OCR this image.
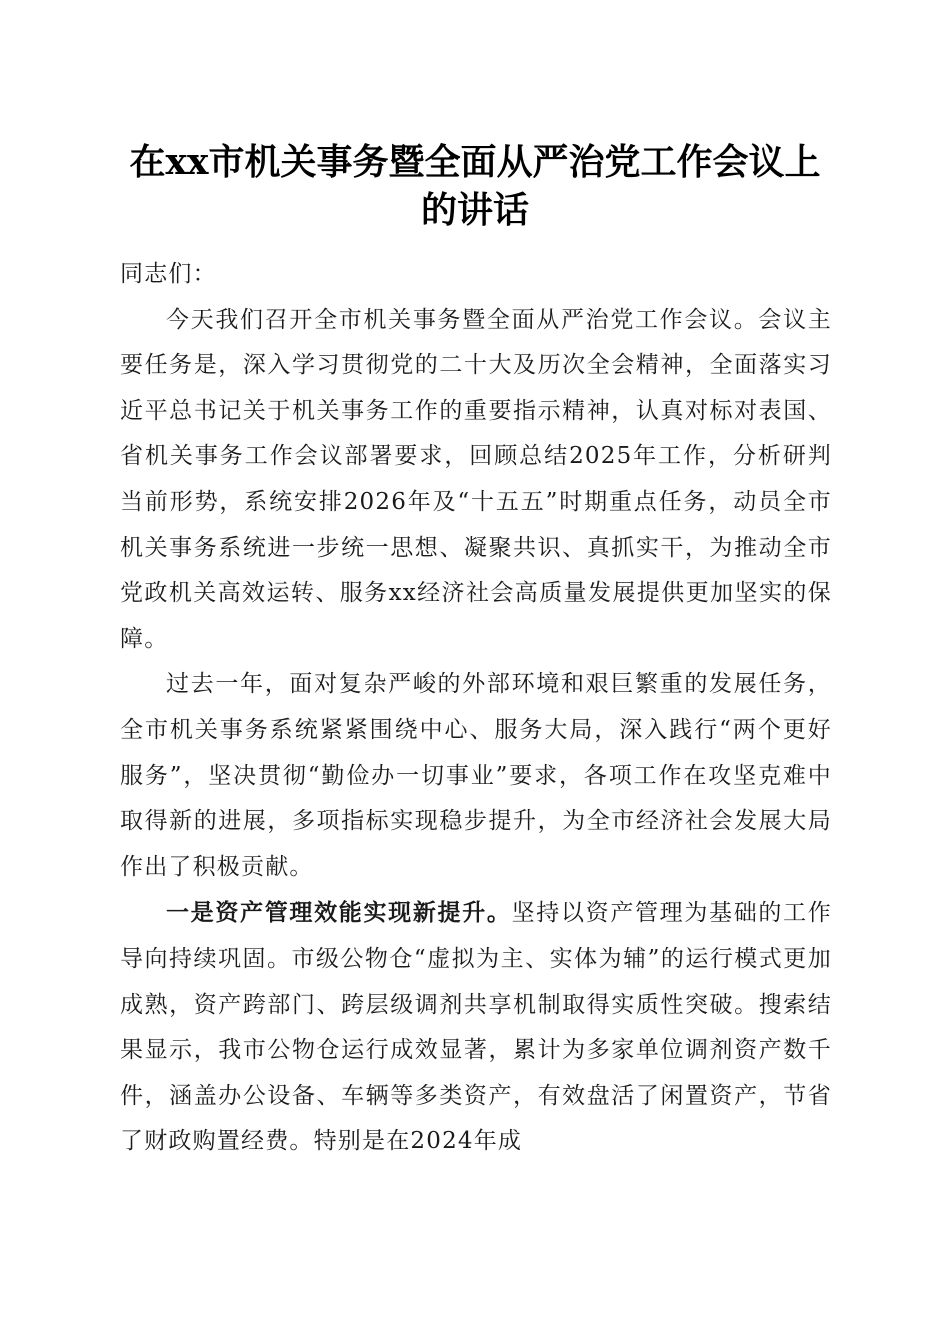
在xx市机关事务暨全面从严治党工作会议上
的讲话

同志们：

今天我们召开全市机关事务暨全面从严治党工作会议。会议主要任务是，深入学习贯彻党的二十大及历次全会精神，全面落实习近平总书记关于机关事务工作的重要指示精神，认真对标对表国、省机关事务工作会议部署要求，回顾总结2025年工作，分析研判当前形势，系统安排2026年及“十五五”时期重点任务，动员全市机关事务系统进一步统一思想、凝聚共识、真抓实干，为推动全市党政机关高效运转、服务xx经济社会高质量发展提供更加坚实的保障。

过去一年，面对复杂严峻的外部环境和艰巨繁重的发展任务， 全市机关事务系统紧紧围绕中心、服务大局，深入践行“两个更好服务”，坚决贯彻“勤俭办一切事业”要求，各项工作在攻坚克难中取得新的进展，多项指标实现稳步提升，为全市经济社会发展大局作出了积极贡献。

一是资产管理效能实现新提升。坚持以资产管理为基础的工作导向持续巩固。市级公物仓“虚拟为主、实体为辅”的运行模式更加成熟，资产跨部门、跨层级调剂共享机制取得实质性突破。搜索结果显示，我市公物仓运行成效显著，累计为多家单位调剂资产数千件，涵盖办公设备、车辆等多类资产，有效盘活了闲置资产，节省了财政购置经费。特别是在2024年成
